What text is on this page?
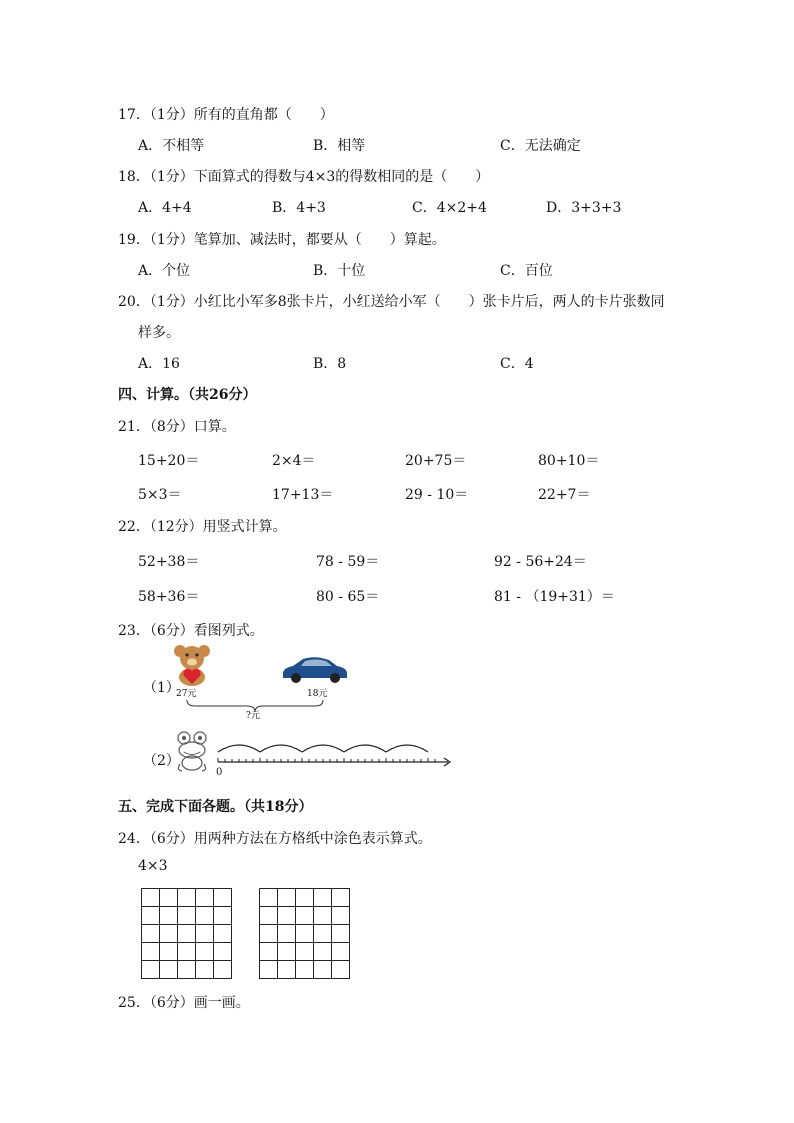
17．（1分）所有的直角都（　　）
A．不相等	B．相等	C．无法确定
18．（1分）下面算式的得数与4×3的得数相同的是（　　）
A．4+4	B．4+3	C．4×2+4	D．3+3+3
19．（1分）笔算加、减法时，都要从（　　）算起。
A．个位	B．十位	C．百位
20．（1分）小红比小军多8张卡片，小红送给小军（　　）张卡片后，两人的卡片张数同
样多。
A．16	B．8	C．4
四、计算。（共26分）
21．（8分）口算。
15+20＝	2×4＝	20+75＝	80+10＝
5×3＝	17+13＝	29 - 10＝	22+7＝
22．（12分）用竖式计算。
52+38＝	78 - 59＝	92 - 56+24＝
58+36＝	80 - 65＝	81 - （19+31）＝
23．（6分）看图列式。
（1）
27元	18元
?元
（2）
0
五、完成下面各题。（共18分）
24．（6分）用两种方法在方格纸中涂色表示算式。
4×3
25．（6分）画一画。
